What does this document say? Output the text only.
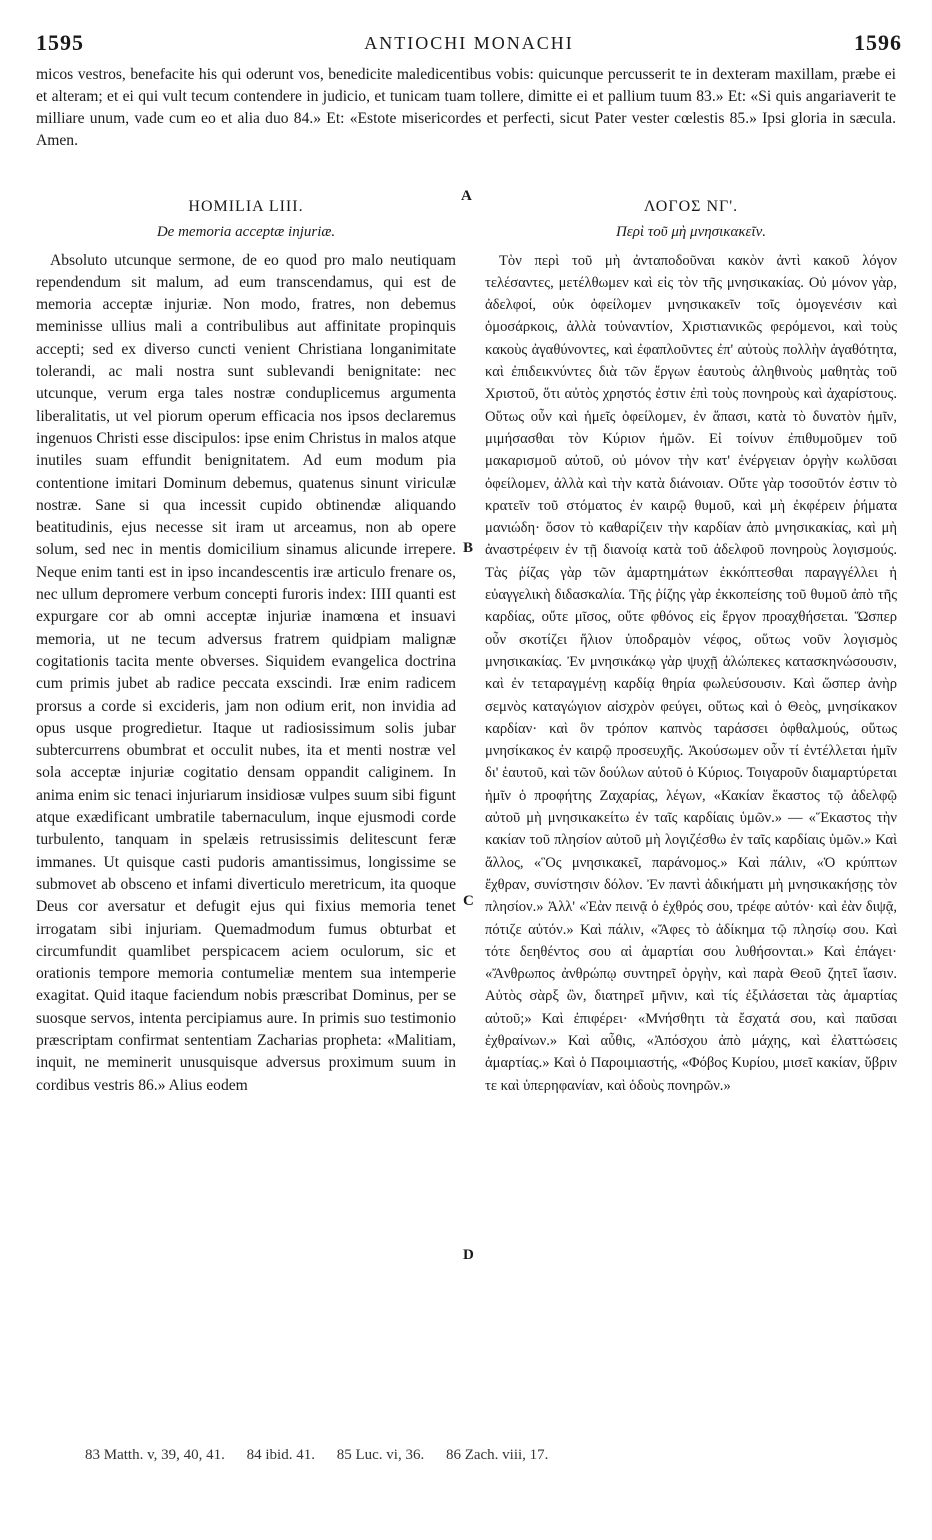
1595	ANTIOCHI MONACHI	1596
micos vestros, benefacite his qui oderunt vos, benedicite maledicentibus vobis: quicunque percusserit te in dexteram maxillam, præbe ei et alteram; et ei qui vult tecum contendere in judicio, et tunicam tuam tollere, dimitte ei et pallium tuum 83.» Et: «Si quis angariaverit te milliare unum, vade cum eo et alia duo 84.» Et: «Estote misericordes et perfecti, sicut Pater vester cœlestis 85.» Ipsi gloria in sæcula. Amen.

HOMILIA LIII.

De memoria acceptæ injuriæ.

Absoluto utcunque sermone, de eo quod pro malo neutiquam rependendum sit malum, ad eum transcendamus, qui est de memoria acceptæ injuriæ. Non modo, fratres, non debemus meminisse ullius mali a contribulibus aut affinitate propinquis accepti; sed ex diverso cuncti venient Christiana longanimitate tolerandi, ac mali nostra sunt sublevandi benignitate: nec utcunque, verum erga tales nostræ conduplicemus argumenta liberalitatis, ut vel piorum operum efficacia nos ipsos declaremus ingenuos Christi esse discipulos: ipse enim Christus in malos atque inutiles suam effundit benignitatem. Ad eum modum pia contentione imitari Dominum debemus, quatenus sinunt viriculæ nostræ. Sane si qua incessit cupido obtinendæ aliquando beatitudinis, ejus necesse sit iram ut arceamus, non ab opere solum, sed nec in mentis domicilium sinamus alicunde irrepere. Neque enim tanti est in ipso incandescentis iræ articulo frenare os, nec ullum depromere verbum concepti furoris index: IIII quanti est expurgare cor ab omni acceptæ injuriæ inamœna et insuavi memoria, ut ne tecum adversus fratrem quidpiam malignæ cogitationis tacita mente obverses. Siquidem evangelica doctrina cum primis jubet ab radice peccata exscindi. Iræ enim radicem prorsus a corde si excideris, jam non odium erit, non invidia ad opus usque progredietur. Itaque ut radiosissimum solis jubar subtercurrens obumbrat et occulit nubes, ita et menti nostræ vel sola acceptæ injuriæ cogitatio densam oppandit caliginem. In anima enim sic tenaci injuriarum insidiosæ vulpes suum sibi figunt atque exædificant umbratile tabernaculum, inque ejusmodi corde turbulento, tanquam in spelæis retrusissimis delitescunt feræ immanes. Ut quisque casti pudoris amantissimus, longissime se submovet ab obsceno et infami diverticulo meretricum, ita quoque Deus cor aversatur et defugit ejus qui fixius memoria tenet irrogatam sibi injuriam. Quemadmodum fumus obturbat et circumfundit quamlibet perspicacem aciem oculorum, sic et orationis tempore memoria contumeliæ mentem sua intemperie exagitat. Quid itaque faciendum nobis præscribat Dominus, per se suosque servos, intenta percipiamus aure. In primis suo testimonio præscriptam confirmat sententiam Zacharias propheta: «Malitiam, inquit, ne meminerit unusquisque adversus proximum suum in cordibus vestris 86.» Alius eodem

ΛΟΓΟΣ ΝΓ'.

Περὶ τοῦ μὴ μνησικακεῖν.

Τὸν περὶ τοῦ μὴ ἀνταποδοῦναι κακὸν ἀντὶ κακοῦ λόγον τελέσαντες, μετέλθωμεν καὶ εἰς τὸν τῆς μνησικακίας. Οὐ μόνον γὰρ, ἀδελφοί, οὐκ ὀφείλομεν μνησικακεῖν τοῖς ὁμογενέσιν καὶ ὁμοσάρκοις, ἀλλὰ τοὐναντίον, Χριστιανικῶς φερόμενοι, καὶ τοὺς κακοὺς ἀγαθύνοντες, καὶ ἐφαπλοῦντες ἐπ' αὐτοὺς πολλὴν ἀγαθότητα, καὶ ἐπιδεικνύντες διὰ τῶν ἔργων ἑαυτοὺς ἀληθινοὺς μαθητὰς τοῦ Χριστοῦ, ὅτι αὐτὸς χρηστός ἐστιν ἐπὶ τοὺς πονηροὺς καὶ ἀχαρίστους. Οὕτως οὖν καὶ ἡμεῖς ὀφείλομεν, ἐν ἅπασι, κατὰ τὸ δυνατὸν ἡμῖν, μιμήσασθαι τὸν Κύριον ἡμῶν. Εἰ τοίνυν ἐπιθυμοῦμεν τοῦ μακαρισμοῦ αὐτοῦ, οὐ μόνον τὴν κατ' ἐνέργειαν ὀργὴν κωλῦσαι ὀφείλομεν, ἀλλὰ καὶ τὴν κατὰ διάνοιαν. Οὔτε γὰρ τοσοῦτόν ἐστιν τὸ κρατεῖν τοῦ στόματος ἐν καιρῷ θυμοῦ, καὶ μὴ ἐκφέρειν ῥήματα μανιώδη· ὅσον τὸ καθαρίζειν τὴν καρδίαν ἀπὸ μνησικακίας, καὶ μὴ ἀναστρέφειν ἐν τῇ διανοίᾳ κατὰ τοῦ ἀδελφοῦ πονηροὺς λογισμούς. Τὰς ῥίζας γὰρ τῶν ἁμαρτημάτων ἐκκόπτεσθαι παραγγέλλει ἡ εὐαγγελικὴ διδασκαλία. Τῆς ῥίζης γὰρ ἐκκοπείσης τοῦ θυμοῦ ἀπὸ τῆς καρδίας, οὔτε μῖσος, οὔτε φθόνος εἰς ἔργον προαχθήσεται. Ὥσπερ οὖν σκοτίζει ἥλιον ὑποδραμὸν νέφος, οὕτως νοῦν λογισμὸς μνησικακίας. Ἐν μνησικάκῳ γὰρ ψυχῇ ἀλώπεκες κατασκηνώσουσιν, καὶ ἐν τεταραγμένῃ καρδίᾳ θηρία φωλεύσουσιν. Καὶ ὥσπερ ἀνὴρ σεμνὸς καταγώγιον αἰσχρὸν φεύγει, οὕτως καὶ ὁ Θεὸς, μνησίκακον καρδίαν· καὶ ὃν τρόπον καπνὸς ταράσσει ὀφθαλμούς, οὕτως μνησίκακος ἐν καιρῷ προσευχῆς. Ἀκούσωμεν οὖν τί ἐντέλλεται ἡμῖν δι' ἑαυτοῦ, καὶ τῶν δούλων αὐτοῦ ὁ Κύριος. Τοιγαροῦν διαμαρτύρεται ἡμῖν ὁ προφήτης Ζαχαρίας, λέγων, «Κακίαν ἕκαστος τῷ ἀδελφῷ αὐτοῦ μὴ μνησικακείτω ἐν ταῖς καρδίαις ὑμῶν.» — «Ἕκαστος τὴν κακίαν τοῦ πλησίον αὐτοῦ μὴ λογιζέσθω ἐν ταῖς καρδίαις ὑμῶν.» Καὶ ἄλλος, «Ὃς μνησικακεῖ, παράνομος.» Καὶ πάλιν, «Ὁ κρύπτων ἔχθραν, συνίστησιν δόλον. Ἐν παντὶ ἀδικήματι μὴ μνησικακήσῃς τὸν πλησίον.» Ἀλλ' «Ἐὰν πεινᾷ ὁ ἐχθρός σου, τρέφε αὐτόν· καὶ ἐὰν διψᾷ, πότιζε αὐτόν.» Καὶ πάλιν, «Ἄφες τὸ ἀδίκημα τῷ πλησίῳ σου. Καὶ τότε δεηθέντος σου αἱ ἁμαρτίαι σου λυθήσονται.» Καὶ ἐπάγει· «Ἄνθρωπος ἀνθρώπῳ συντηρεῖ ὀργὴν, καὶ παρὰ Θεοῦ ζητεῖ ἴασιν. Αὐτὸς σὰρξ ὢν, διατηρεῖ μῆνιν, καὶ τίς ἐξιλάσεται τὰς ἁμαρτίας αὐτοῦ;» Καὶ ἐπιφέρει· «Μνήσθητι τὰ ἔσχατά σου, καὶ παῦσαι ἐχθραίνων.» Καὶ αὖθις, «Ἀπόσχου ἀπὸ μάχης, καὶ ἐλαττώσεις ἁμαρτίας.» Καὶ ὁ Παροιμιαστής, «Φόβος Κυρίου, μισεῖ κακίαν, ὕβριν τε καὶ ὑπερηφανίαν, καὶ ὁδοὺς πονηρῶν.»

A
B
C
D
83 Matth. v, 39, 40, 41. 84 ibid. 41. 85 Luc. vi, 36. 86 Zach. viii, 17.
